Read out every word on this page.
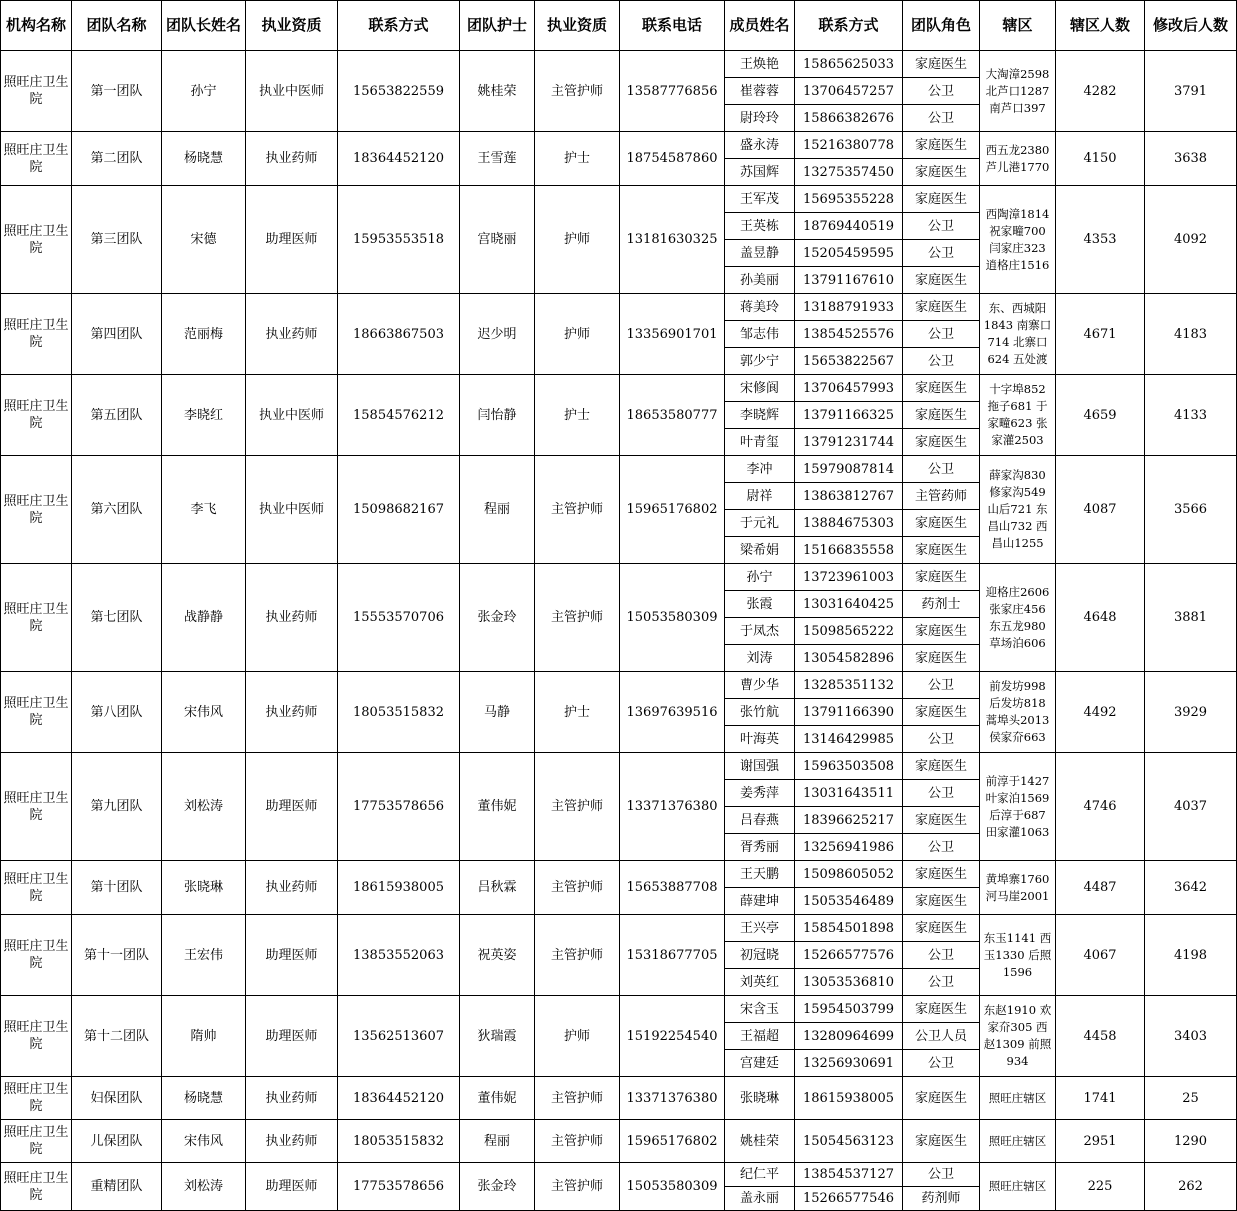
机构名称	团队名称	团队长姓名	执业资质	联系方式	团队护士	执业资质	联系电话	成员姓名	联系方式	团队角色	辖区	辖区人数	修改后人数
照旺庄卫生院	第一团队	孙宁	执业中医师	15653822559	姚桂荣	主管护师	13587776856	王焕艳	15865625033	家庭医生	大淘漳2598 北芦口1287 南芦口397	4282	3791
								崔蓉蓉	13706457257	公卫			
								尉玲玲	15866382676	公卫			
照旺庄卫生院	第二团队	杨晓慧	执业药师	18364452120	王雪莲	护士	18754587860	盛永涛	15216380778	家庭医生	西五龙2380 芦儿港1770	4150	3638
								苏国辉	13275357450	家庭医生			
照旺庄卫生院	第三团队	宋德	助理医师	15953553518	宫晓丽	护师	13181630325	王军茂	15695355228	家庭医生	西陶漳1814 祝家疃700 闫家庄323 逍格庄1516	4353	4092
								王英栋	18769440519	公卫			
								盖昱静	15205459595	公卫			
								孙美丽	13791167610	家庭医生			
照旺庄卫生院	第四团队	范丽梅	执业药师	18663867503	迟少明	护师	13356901701	蒋美玲	13188791933	家庭医生	东、西城阳1843 南寨口714 北寨口624 五处渡	4671	4183
								邹志伟	13854525576	公卫			
								郭少宁	15653822567	公卫			
照旺庄卫生院	第五团队	李晓红	执业中医师	15854576212	闫怡静	护士	18653580777	宋修阆	13706457993	家庭医生	十字埠852 拖子681 于家疃623 张家灌2503	4659	4133
								李晓辉	13791166325	家庭医生			
								叶青玺	13791231744	家庭医生			
照旺庄卫生院	第六团队	李飞	执业中医师	15098682167	程丽	主管护师	15965176802	李冲	15979087814	公卫	薛家沟830 修家沟549 山后721 东昌山732 西昌山1255	4087	3566
								尉祥	13863812767	主管药师			
								于元礼	13884675303	家庭医生			
								梁希娟	15166835558	家庭医生			
照旺庄卫生院	第七团队	战静静	执业药师	15553570706	张金玲	主管护师	15053580309	孙宁	13723961003	家庭医生	迎格庄2606 张家庄456 东五龙980 草场泊606	4648	3881
								张霞	13031640425	药剂士			
								于凤杰	15098565222	家庭医生			
								刘涛	13054582896	家庭医生			
照旺庄卫生院	第八团队	宋伟风	执业药师	18053515832	马静	护士	13697639516	曹少华	13285351132	公卫	前发坊998 后发坊818 蒿埠头2013 侯家夼663	4492	3929
								张竹航	13791166390	家庭医生			
								叶海英	13146429985	公卫			
照旺庄卫生院	第九团队	刘松涛	助理医师	17753578656	董伟妮	主管护师	13371376380	谢国强	15963503508	家庭医生	前淳于1427 叶家泊1569 后淳于687 田家灌1063	4746	4037
								姜秀萍	13031643511	公卫			
								吕春燕	18396625217	家庭医生			
								胥秀丽	13256941986	公卫			
照旺庄卫生院	第十团队	张晓琳	执业药师	18615938005	吕秋霖	主管护师	15653887708	王天鹏	15098605052	家庭医生	黄埠寨1760 河马崖2001	4487	3642
								薛建坤	15053546489	家庭医生			
照旺庄卫生院	第十一团队	王宏伟	助理医师	13853552063	祝英姿	主管护师	15318677705	王兴亭	15854501898	家庭医生	东玉1141 西玉1330 后照1596	4067	4198
								初冠晓	15266577576	公卫			
								刘英红	13053536810	公卫			
照旺庄卫生院	第十二团队	隋帅	助理医师	13562513607	狄瑞霞	护师	15192254540	宋含玉	15954503799	家庭医生	东赵1910 欢家夼305 西赵1309 前照934	4458	3403
								王福超	13280964699	公卫人员			
								宫建廷	13256930691	公卫			
照旺庄卫生院	妇保团队	杨晓慧	执业药师	18364452120	董伟妮	主管护师	13371376380	张晓琳	18615938005	家庭医生	照旺庄辖区	1741	25
照旺庄卫生院	儿保团队	宋伟风	执业药师	18053515832	程丽	主管护师	15965176802	姚桂荣	15054563123	家庭医生	照旺庄辖区	2951	1290
照旺庄卫生院	重精团队	刘松涛	助理医师	17753578656	张金玲	主管护师	15053580309	纪仁平	13854537127	公卫	照旺庄辖区	225	262
								盖永丽	15266577546	药剂师			
